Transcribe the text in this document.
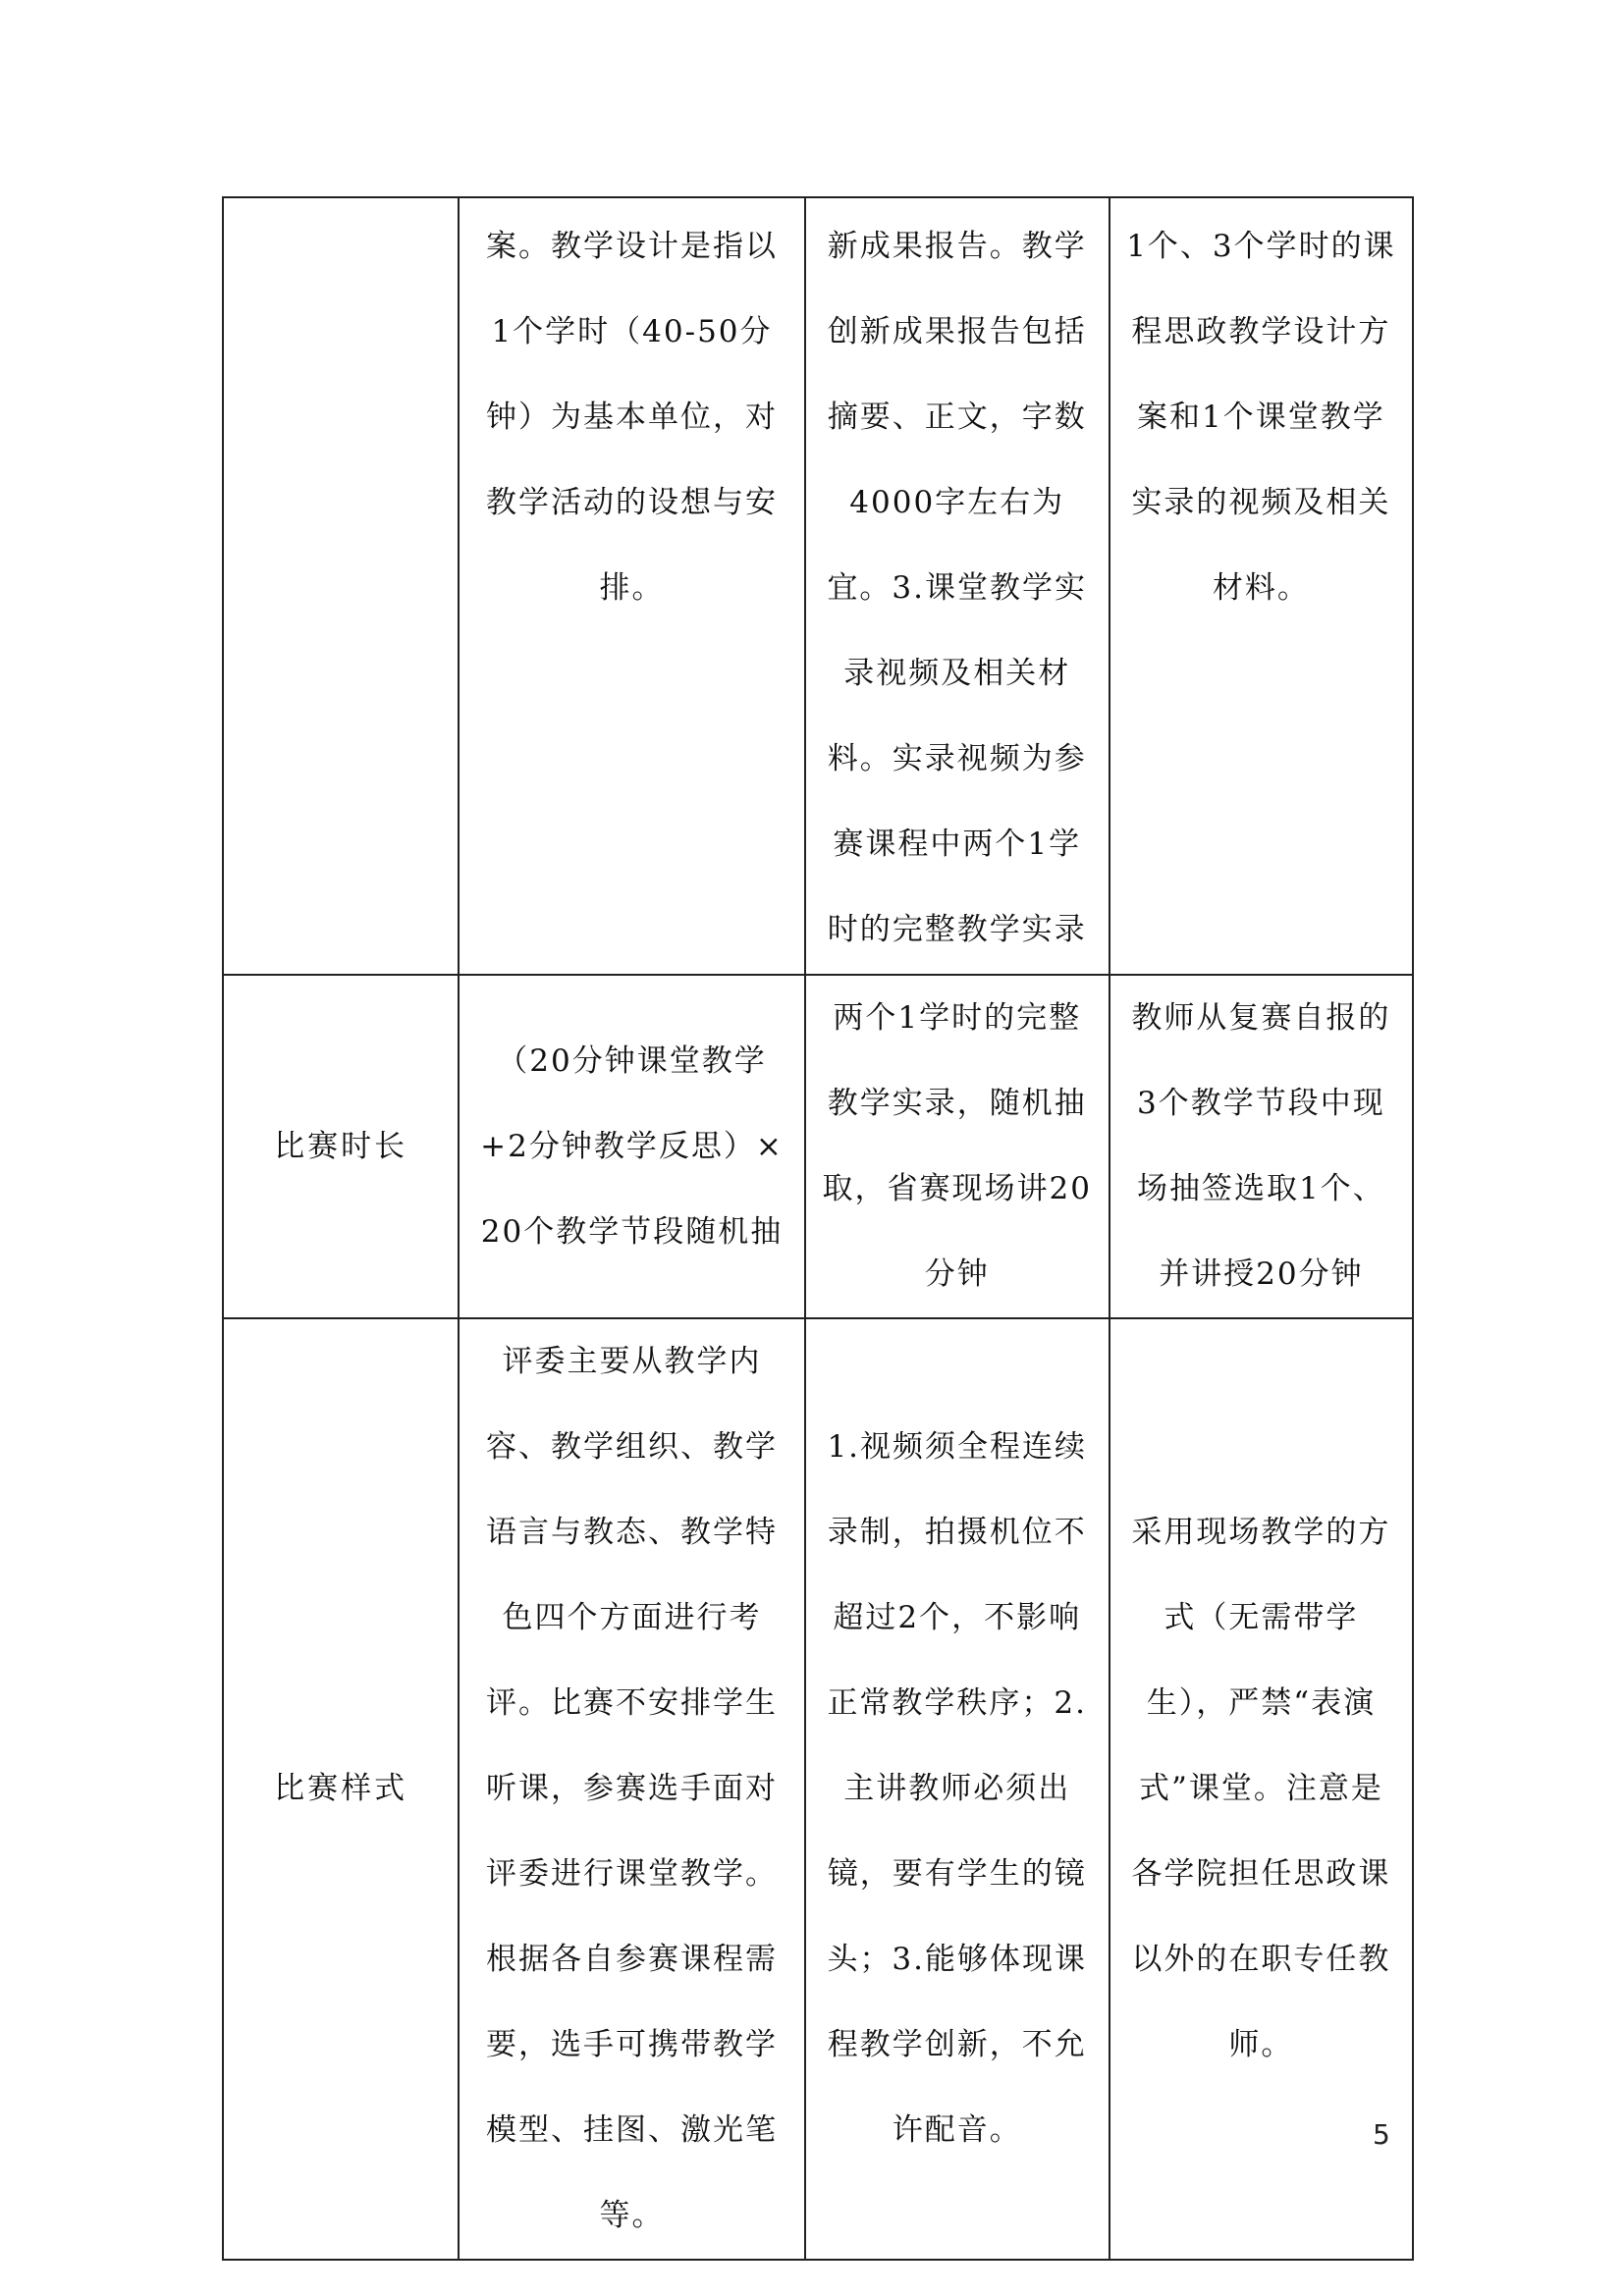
	案。教学设计是指以1个学时（40-50分钟）为基本单位，对教学活动的设想与安排。	新成果报告。教学创新成果报告包括摘要、正文，字数4000字左右为宜。3.课堂教学实录视频及相关材料。实录视频为参赛课程中两个1学时的完整教学实录	1个、3个学时的课程思政教学设计方案和1个课堂教学实录的视频及相关材料。
比赛时长	（20分钟课堂教学+2分钟教学反思）× 20个教学节段随机抽	两个1学时的完整教学实录，随机抽取，省赛现场讲20分钟	教师从复赛自报的3个教学节段中现场抽签选取1个、并讲授20分钟
比赛样式	评委主要从教学内容、教学组织、教学语言与教态、教学特色四个方面进行考评。比赛不安排学生听课，参赛选手面对评委进行课堂教学。根据各自参赛课程需要，选手可携带教学模型、挂图、激光笔等。	1.视频须全程连续录制，拍摄机位不超过2个，不影响正常教学秩序；2.主讲教师必须出镜，要有学生的镜头；3.能够体现课程教学创新，不允许配音。	采用现场教学的方式（无需带学生），严禁“表演式”课堂。注意是各学院担任思政课以外的在职专任教师。
5
